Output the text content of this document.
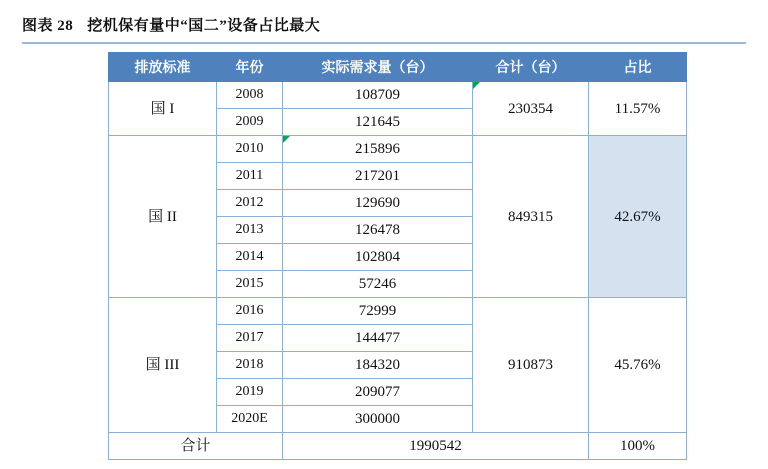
图表 28 挖机保有量中“国二”设备占比最大
排放标准	年份	实际需求量（台）	合计（台）	占比
国 I	2008	108709	230354	11.57%
	2009	121645		
国 II	2010	215896	849315	42.67%
	2011	217201		
	2012	129690		
	2013	126478		
	2014	102804		
	2015	57246		
国 III	2016	72999	910873	45.76%
	2017	144477		
	2018	184320		
	2019	209077		
	2020E	300000		
合计		1990542		100%
